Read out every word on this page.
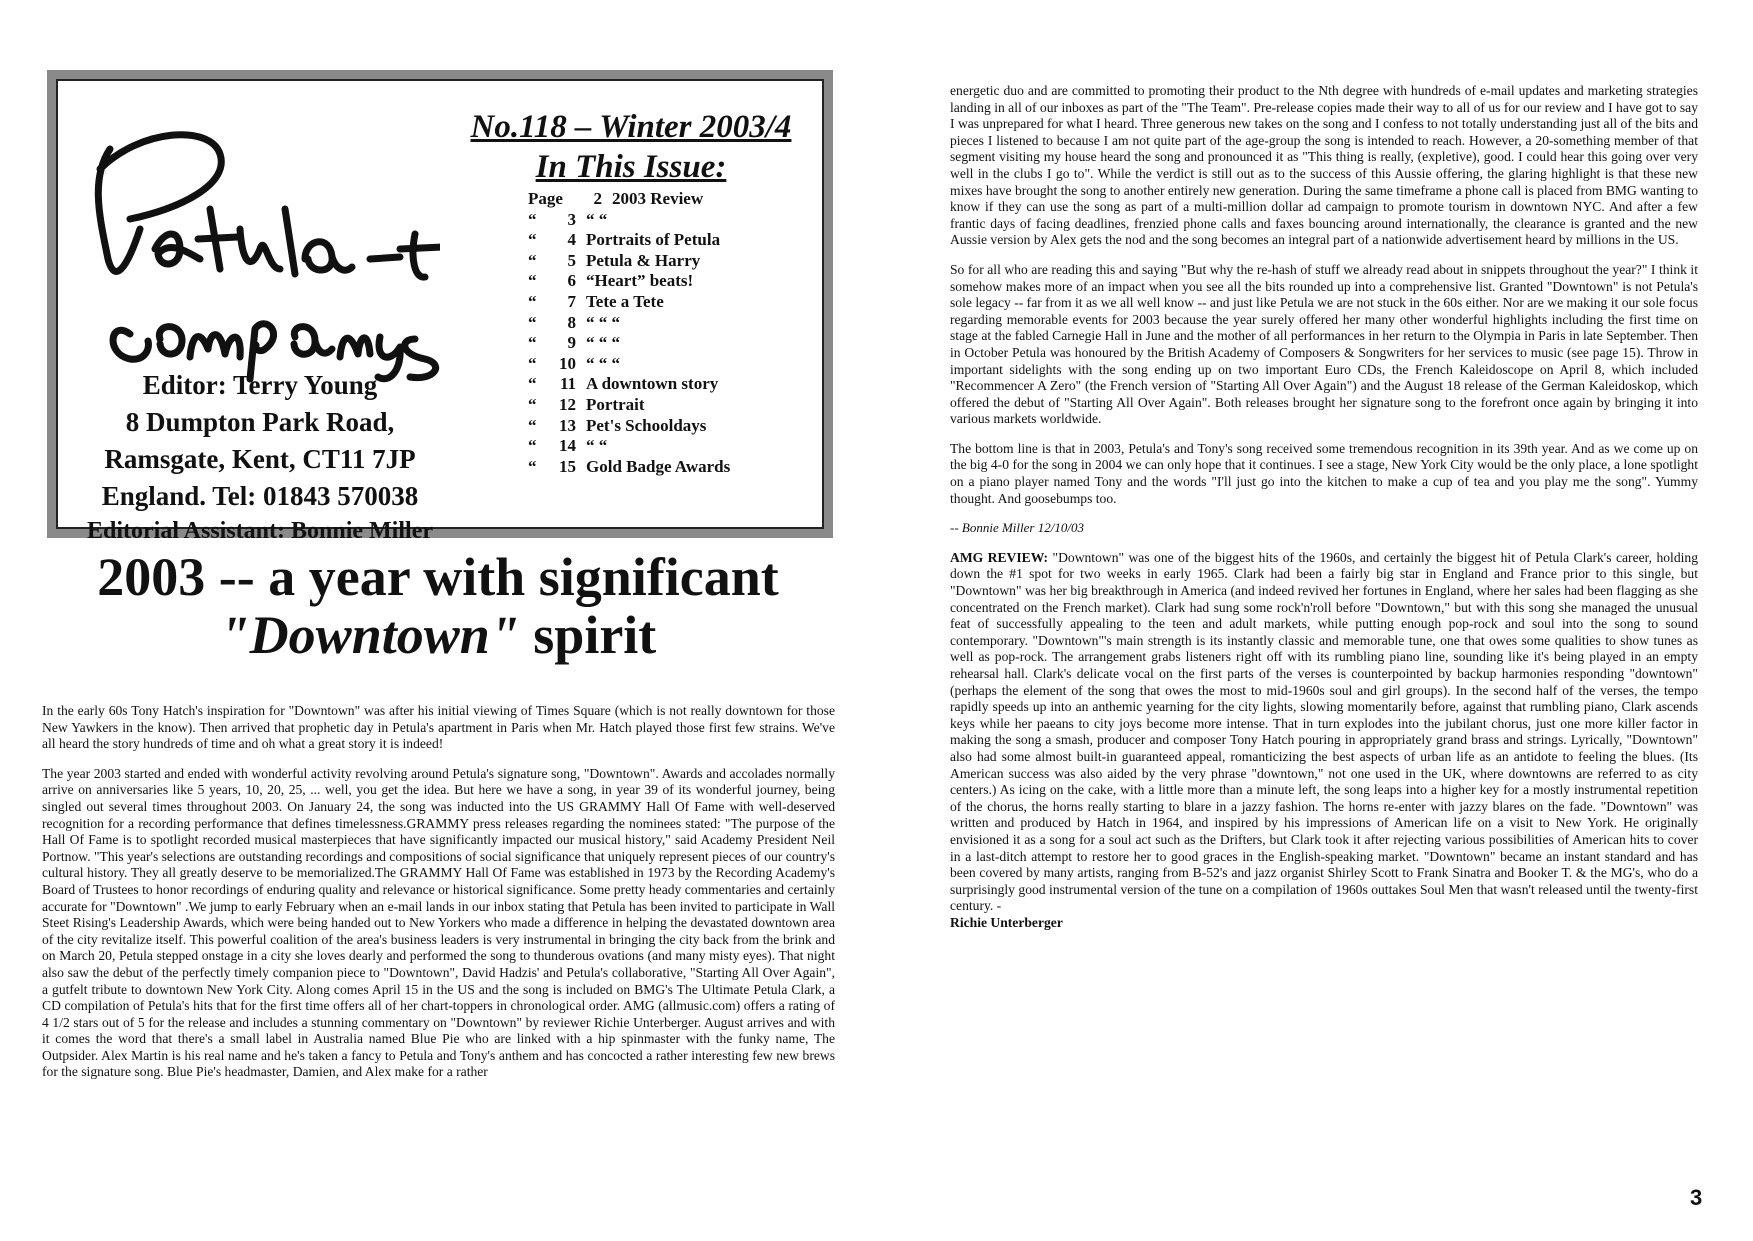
No.118 – Winter 2003/4
In This Issue:
Page	2 2003 Review
“	3 “ “
“	4 Portraits of Petula
“	5 Petula & Harry
“	6 “Heart” beats!
“	7 Tete a Tete
“	8 “ “ “
“	9 “ “ “
“	10 “ “ “
“	11 A downtown story
“	12 Portrait
“	13 Pet's Schooldays
“	14 “ “
“	15 Gold Badge Awards
Editor: Terry Young
8 Dumpton Park Road,
Ramsgate, Kent, CT11 7JP
England. Tel: 01843 570038
Editorial Assistant: Bonnie Miller
2003 -- a year with significant
"Downtown" spirit

In the early 60s Tony Hatch's inspiration for "Downtown" was after his initial viewing of Times Square (which is not really downtown for those New Yawkers in the know). Then arrived that prophetic day in Petula's apartment in Paris when Mr. Hatch played those first few strains. We've all heard the story hundreds of time and oh what a great story it is indeed!

The year 2003 started and ended with wonderful activity revolving around Petula's signature song, "Downtown". Awards and accolades normally arrive on anniversaries like 5 years, 10, 20, 25, ... well, you get the idea. But here we have a song, in year 39 of its wonderful journey, being singled out several times throughout 2003. On January 24, the song was inducted into the US GRAMMY Hall Of Fame with well-deserved recognition for a recording performance that defines timelessness.GRAMMY press releases regarding the nominees stated: "The purpose of the Hall Of Fame is to spotlight recorded musical masterpieces that have significantly impacted our musical history," said Academy President Neil Portnow. "This year's selections are outstanding recordings and compositions of social significance that uniquely represent pieces of our country's cultural history. They all greatly deserve to be memorialized.The GRAMMY Hall Of Fame was established in 1973 by the Recording Academy's Board of Trustees to honor recordings of enduring quality and relevance or historical significance. Some pretty heady commentaries and certainly accurate for "Downtown" .We jump to early February when an e-mail lands in our inbox stating that Petula has been invited to participate in Wall Steet Rising's Leadership Awards, which were being handed out to New Yorkers who made a difference in helping the devastated downtown area of the city revitalize itself. This powerful coalition of the area's business leaders is very instrumental in bringing the city back from the brink and on March 20, Petula stepped onstage in a city she loves dearly and performed the song to thunderous ovations (and many misty eyes). That night also saw the debut of the perfectly timely companion piece to "Downtown", David Hadzis' and Petula's collaborative, "Starting All Over Again", a gutfelt tribute to downtown New York City. Along comes April 15 in the US and the song is included on BMG's The Ultimate Petula Clark, a CD compilation of Petula's hits that for the first time offers all of her chart-toppers in chronological order. AMG (allmusic.com) offers a rating of 4 1/2 stars out of 5 for the release and includes a stunning commentary on "Downtown" by reviewer Richie Unterberger. August arrives and with it comes the word that there's a small label in Australia named Blue Pie who are linked with a hip spinmaster with the funky name, The Outpsider. Alex Martin is his real name and he's taken a fancy to Petula and Tony's anthem and has concocted a rather interesting few new brews for the signature song. Blue Pie's headmaster, Damien, and Alex make for a rather

energetic duo and are committed to promoting their product to the Nth degree with hundreds of e-mail updates and marketing strategies landing in all of our inboxes as part of the "The Team". Pre-release copies made their way to all of us for our review and I have got to say I was unprepared for what I heard. Three generous new takes on the song and I confess to not totally understanding just all of the bits and pieces I listened to because I am not quite part of the age-group the song is intended to reach. However, a 20-something member of that segment visiting my house heard the song and pronounced it as "This thing is really, (expletive), good. I could hear this going over very well in the clubs I go to". While the verdict is still out as to the success of this Aussie offering, the glaring highlight is that these new mixes have brought the song to another entirely new generation. During the same timeframe a phone call is placed from BMG wanting to know if they can use the song as part of a multi-million dollar ad campaign to promote tourism in downtown NYC. And after a few frantic days of facing deadlines, frenzied phone calls and faxes bouncing around internationally, the clearance is granted and the new Aussie version by Alex gets the nod and the song becomes an integral part of a nationwide advertisement heard by millions in the US.

So for all who are reading this and saying "But why the re-hash of stuff we already read about in snippets throughout the year?" I think it somehow makes more of an impact when you see all the bits rounded up into a comprehensive list. Granted "Downtown" is not Petula's sole legacy -- far from it as we all well know -- and just like Petula we are not stuck in the 60s either. Nor are we making it our sole focus regarding memorable events for 2003 because the year surely offered her many other wonderful highlights including the first time on stage at the fabled Carnegie Hall in June and the mother of all performances in her return to the Olympia in Paris in late September. Then in October Petula was honoured by the British Academy of Composers & Songwriters for her services to music (see page 15). Throw in important sidelights with the song ending up on two important Euro CDs, the French Kaleidoscope on April 8, which included "Recommencer A Zero" (the French version of "Starting All Over Again") and the August 18 release of the German Kaleidoskop, which offered the debut of "Starting All Over Again". Both releases brought her signature song to the forefront once again by bringing it into various markets worldwide.

The bottom line is that in 2003, Petula's and Tony's song received some tremendous recognition in its 39th year. And as we come up on the big 4-0 for the song in 2004 we can only hope that it continues. I see a stage, New York City would be the only place, a lone spotlight on a piano player named Tony and the words "I'll just go into the kitchen to make a cup of tea and you play me the song". Yummy thought. And goosebumps too.

-- Bonnie Miller 12/10/03

AMG REVIEW: "Downtown" was one of the biggest hits of the 1960s, and certainly the biggest hit of Petula Clark's career, holding down the #1 spot for two weeks in early 1965. Clark had been a fairly big star in England and France prior to this single, but "Downtown" was her big breakthrough in America (and indeed revived her fortunes in England, where her sales had been flagging as she concentrated on the French market). Clark had sung some rock'n'roll before "Downtown," but with this song she managed the unusual feat of successfully appealing to the teen and adult markets, while putting enough pop-rock and soul into the song to sound contemporary. "Downtown"'s main strength is its instantly classic and memorable tune, one that owes some qualities to show tunes as well as pop-rock. The arrangement grabs listeners right off with its rumbling piano line, sounding like it's being played in an empty rehearsal hall. Clark's delicate vocal on the first parts of the verses is counterpointed by backup harmonies responding "downtown" (perhaps the element of the song that owes the most to mid-1960s soul and girl groups). In the second half of the verses, the tempo rapidly speeds up into an anthemic yearning for the city lights, slowing momentarily before, against that rumbling piano, Clark ascends keys while her paeans to city joys become more intense. That in turn explodes into the jubilant chorus, just one more killer factor in making the song a smash, producer and composer Tony Hatch pouring in appropriately grand brass and strings. Lyrically, "Downtown" also had some almost built-in guaranteed appeal, romanticizing the best aspects of urban life as an antidote to feeling the blues. (Its American success was also aided by the very phrase "downtown," not one used in the UK, where downtowns are referred to as city centers.) As icing on the cake, with a little more than a minute left, the song leaps into a higher key for a mostly instrumental repetition of the chorus, the horns really starting to blare in a jazzy fashion. The horns re-enter with jazzy blares on the fade. "Downtown" was written and produced by Hatch in 1964, and inspired by his impressions of American life on a visit to New York. He originally envisioned it as a song for a soul act such as the Drifters, but Clark took it after rejecting various possibilities of American hits to cover in a last-ditch attempt to restore her to good graces in the English-speaking market. "Downtown" became an instant standard and has been covered by many artists, ranging from B-52's and jazz organist Shirley Scott to Frank Sinatra and Booker T. & the MG's, who do a surprisingly good instrumental version of the tune on a compilation of 1960s outtakes Soul Men that wasn't released until the twenty-first century. -
Richie Unterberger

3
